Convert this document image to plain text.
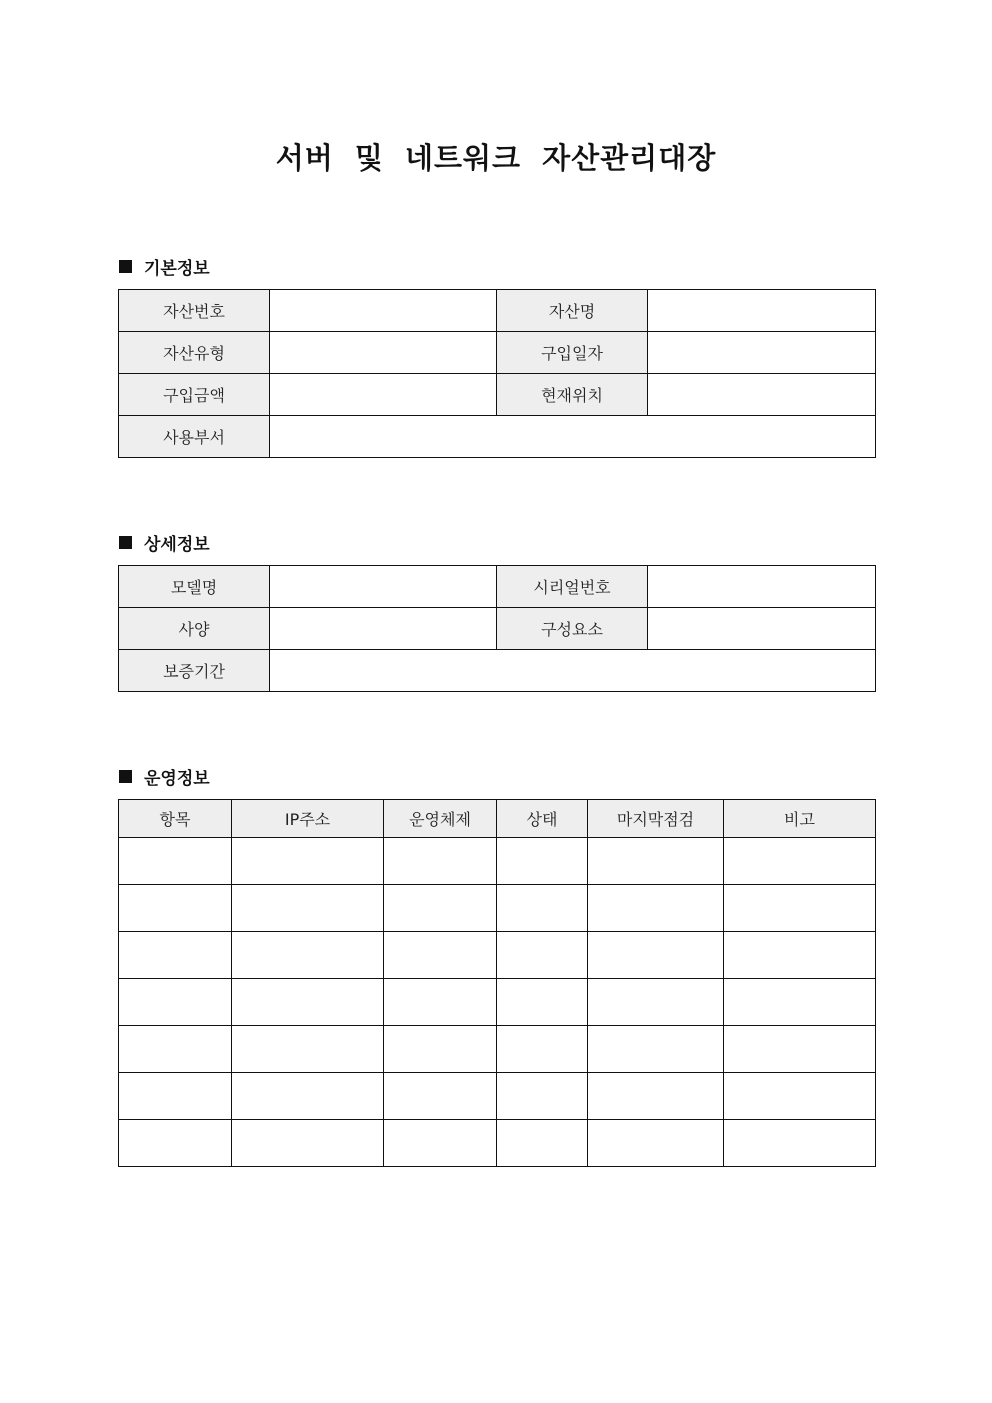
서버 및 네트워크 자산관리대장
기본정보
자산번호		자산명	
자산유형		구입일자	
구입금액		현재위치	
사용부서			
상세정보
모델명		시리얼번호	
사양		구성요소	
보증기간			
운영정보
항목	IP주소	운영체제	상태	마지막점검	비고
